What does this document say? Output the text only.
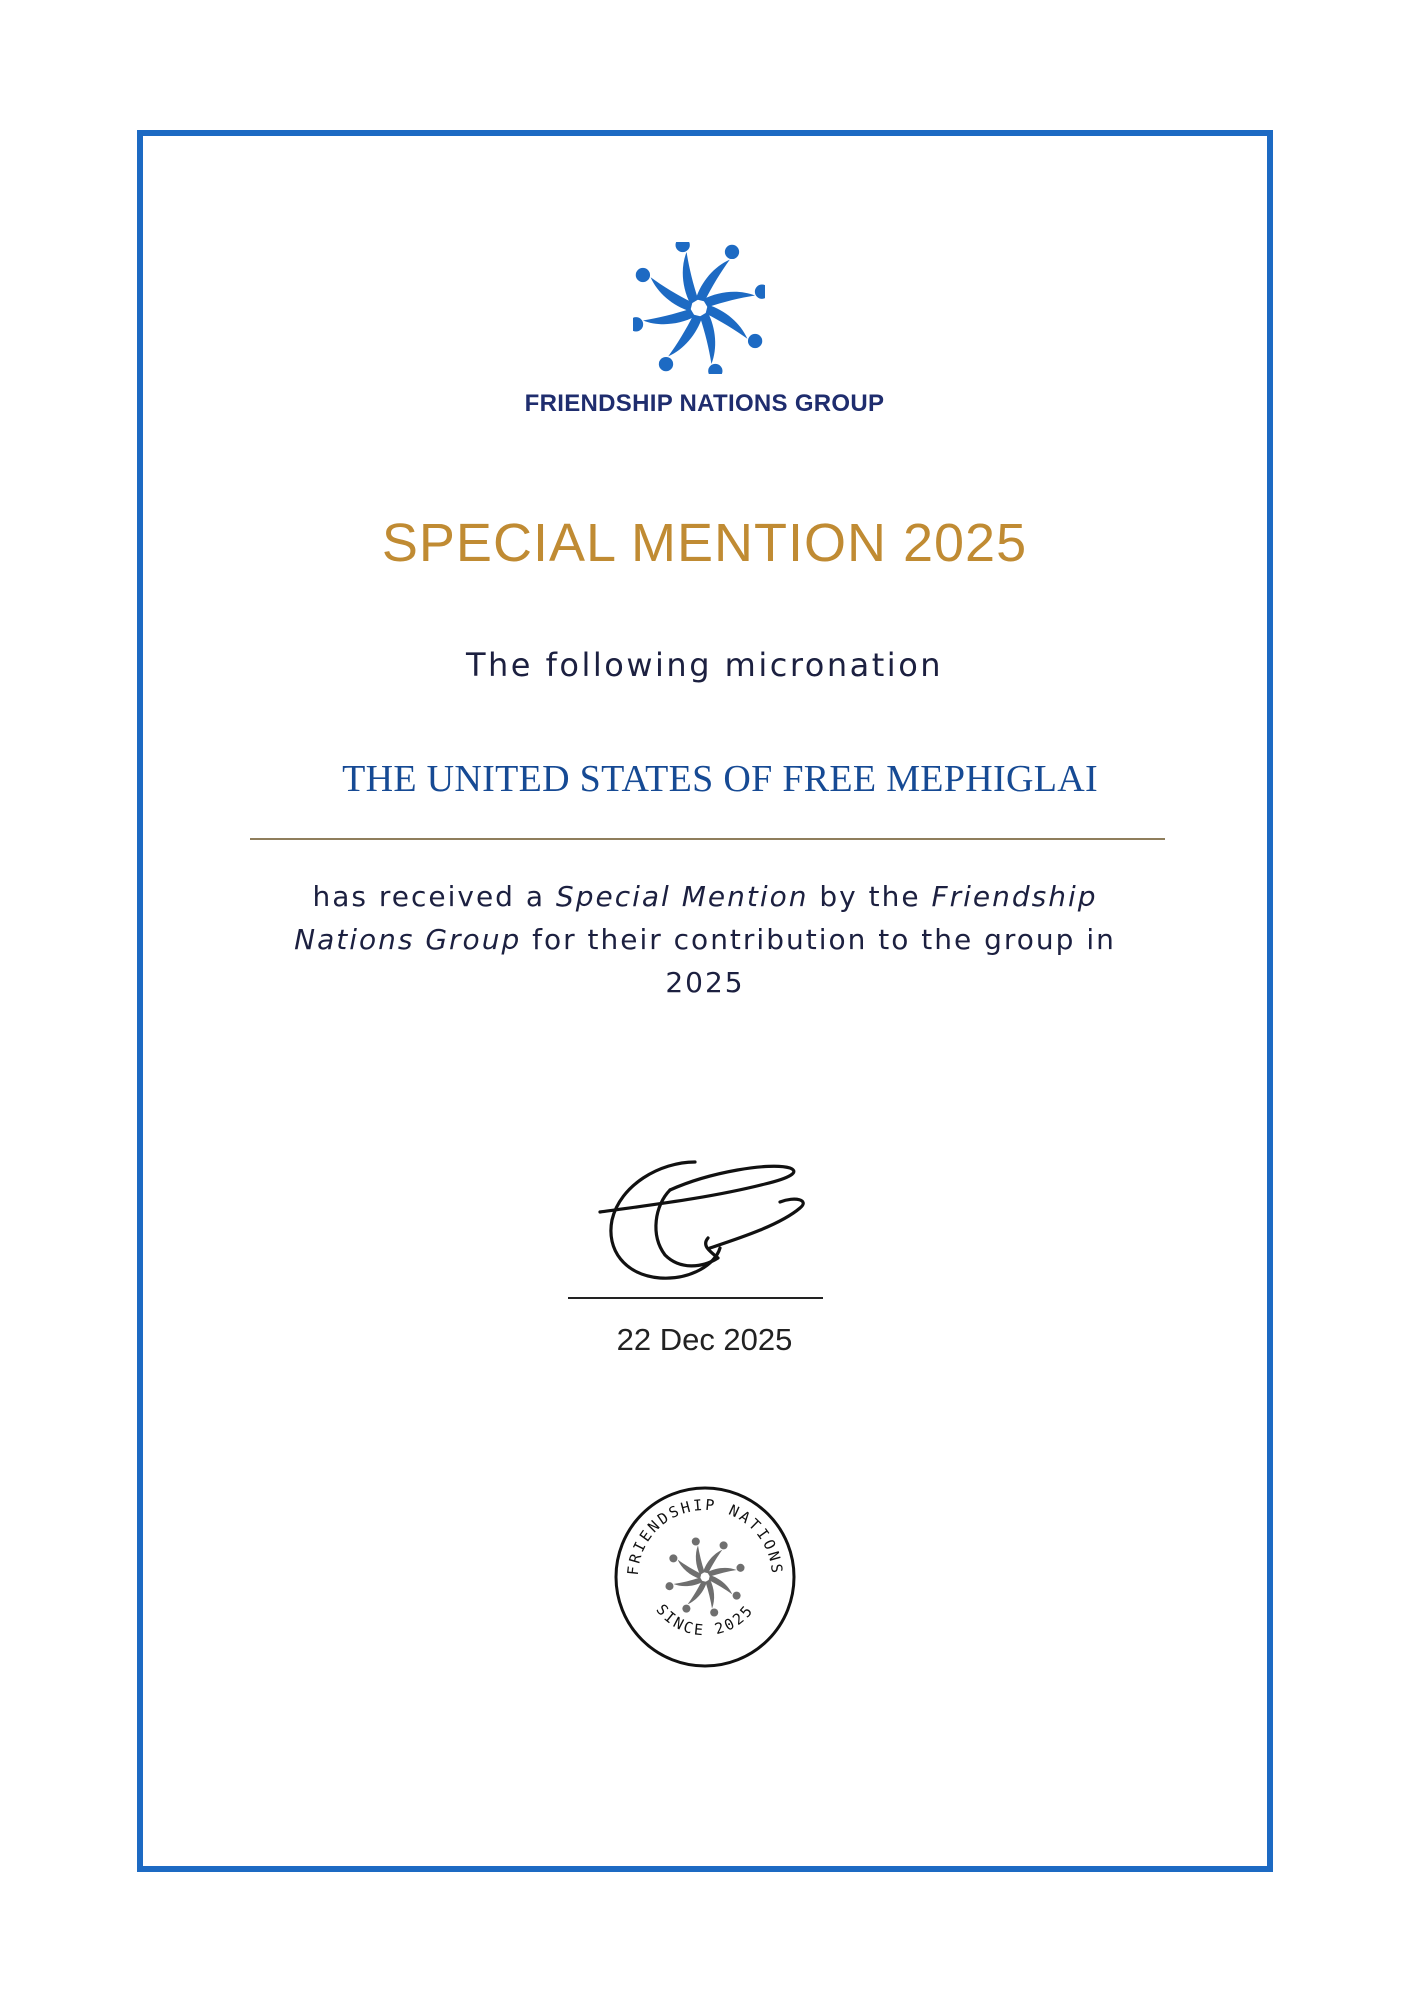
FRIENDSHIP NATIONS GROUP
SPECIAL MENTION 2025
The following micronation
THE UNITED STATES OF FREE MEPHIGLAI
has received a Special Mention by the Friendship Nations Group for their contribution to the group in 2025
22 Dec 2025
FRIENDSHIP NATIONS
SINCE 2025
